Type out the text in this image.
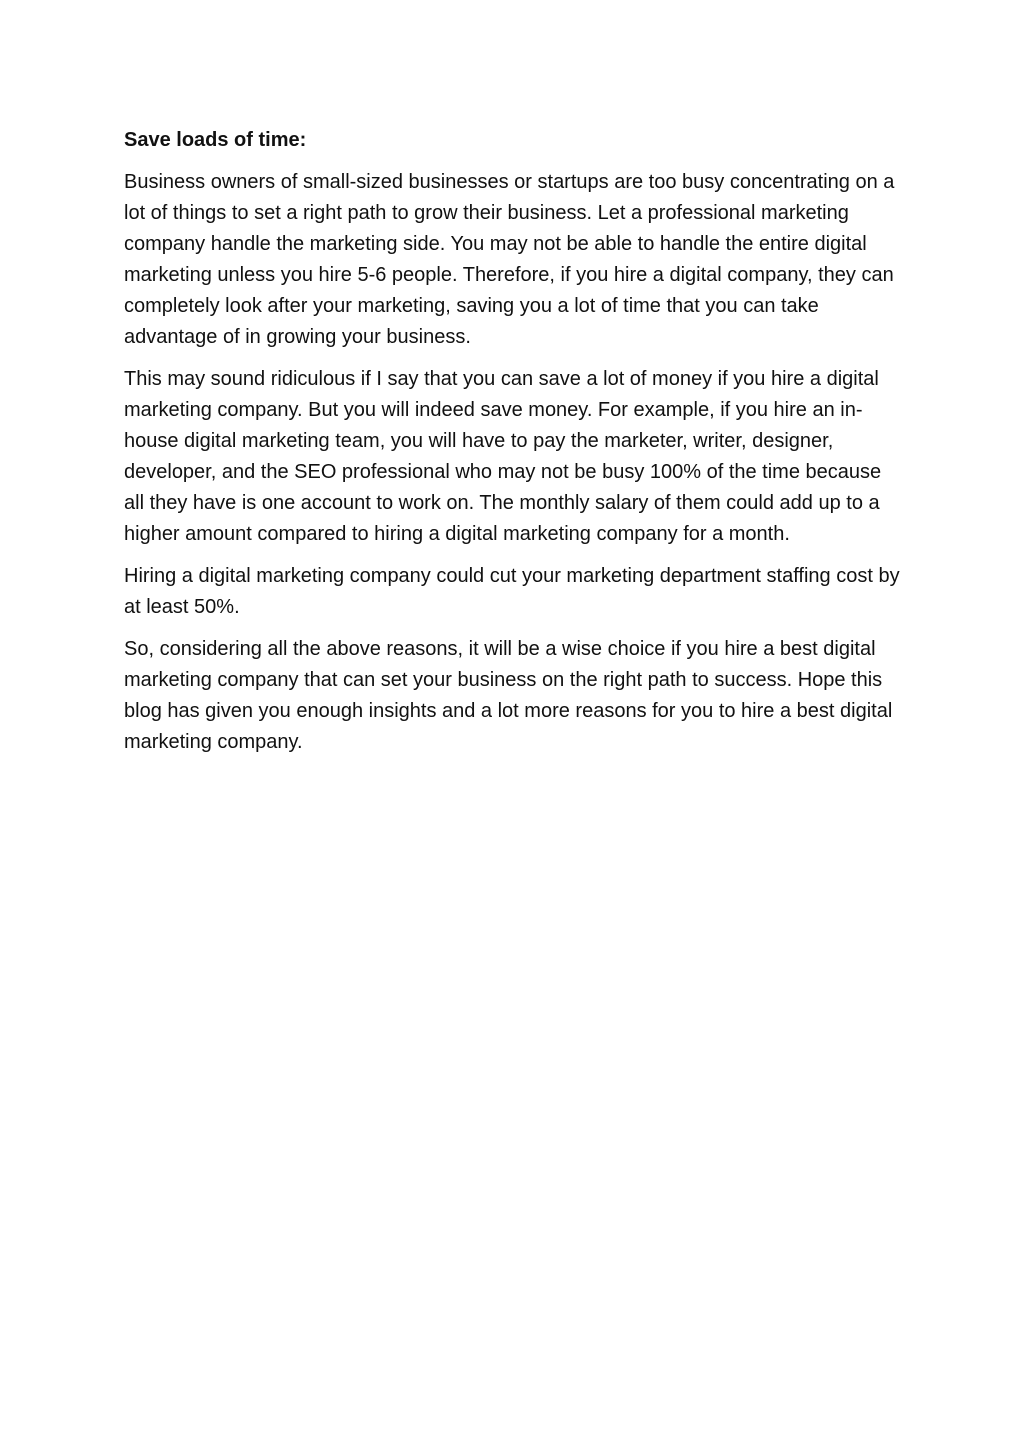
Save loads of time:

Business owners of small-sized businesses or startups are too busy concentrating on a lot of things to set a right path to grow their business. Let a professional marketing company handle the marketing side. You may not be able to handle the entire digital marketing unless you hire 5-6 people. Therefore, if you hire a digital company, they can completely look after your marketing, saving you a lot of time that you can take advantage of in growing your business.

This may sound ridiculous if I say that you can save a lot of money if you hire a digital marketing company. But you will indeed save money. For example, if you hire an in-house digital marketing team, you will have to pay the marketer, writer, designer, developer, and the SEO professional who may not be busy 100% of the time because all they have is one account to work on. The monthly salary of them could add up to a higher amount compared to hiring a digital marketing company for a month.

Hiring a digital marketing company could cut your marketing department staffing cost by at least 50%.

So, considering all the above reasons, it will be a wise choice if you hire a best digital marketing company that can set your business on the right path to success. Hope this blog has given you enough insights and a lot more reasons for you to hire a best digital marketing company.
